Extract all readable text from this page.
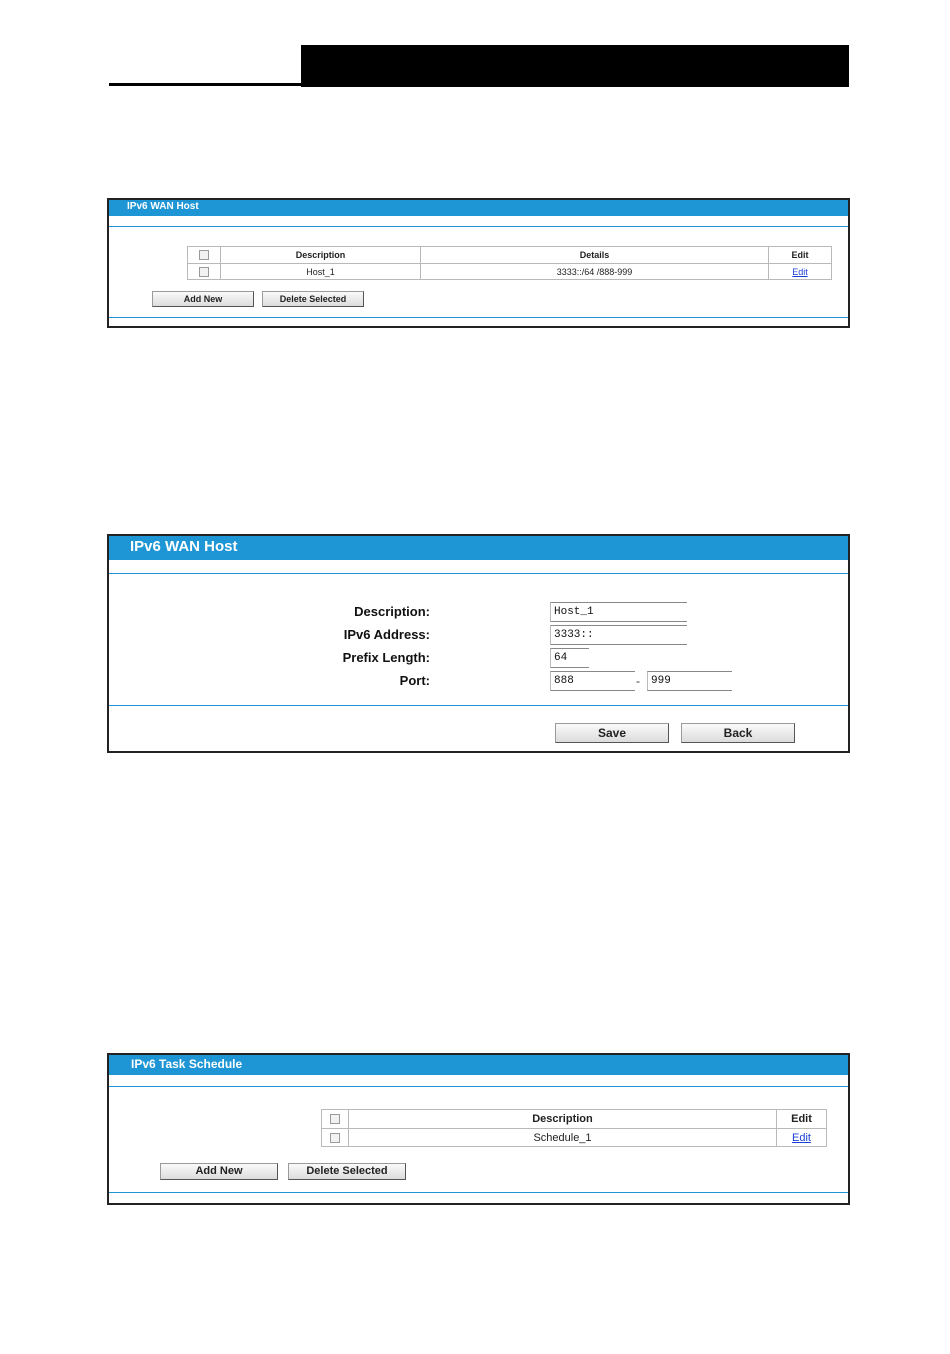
IPv6 WAN Host
	Description	Details	Edit
	Host_1	3333::/64 /888-999	Edit
Add New	Delete Selected
IPv6 WAN Host
Description:	Host_1
IPv6 Address:	3333::
Prefix Length:	64
Port:	888	-	999
Save	Back
IPv6 Task Schedule
	Description	Edit
	Schedule_1	Edit
Add New	Delete Selected
